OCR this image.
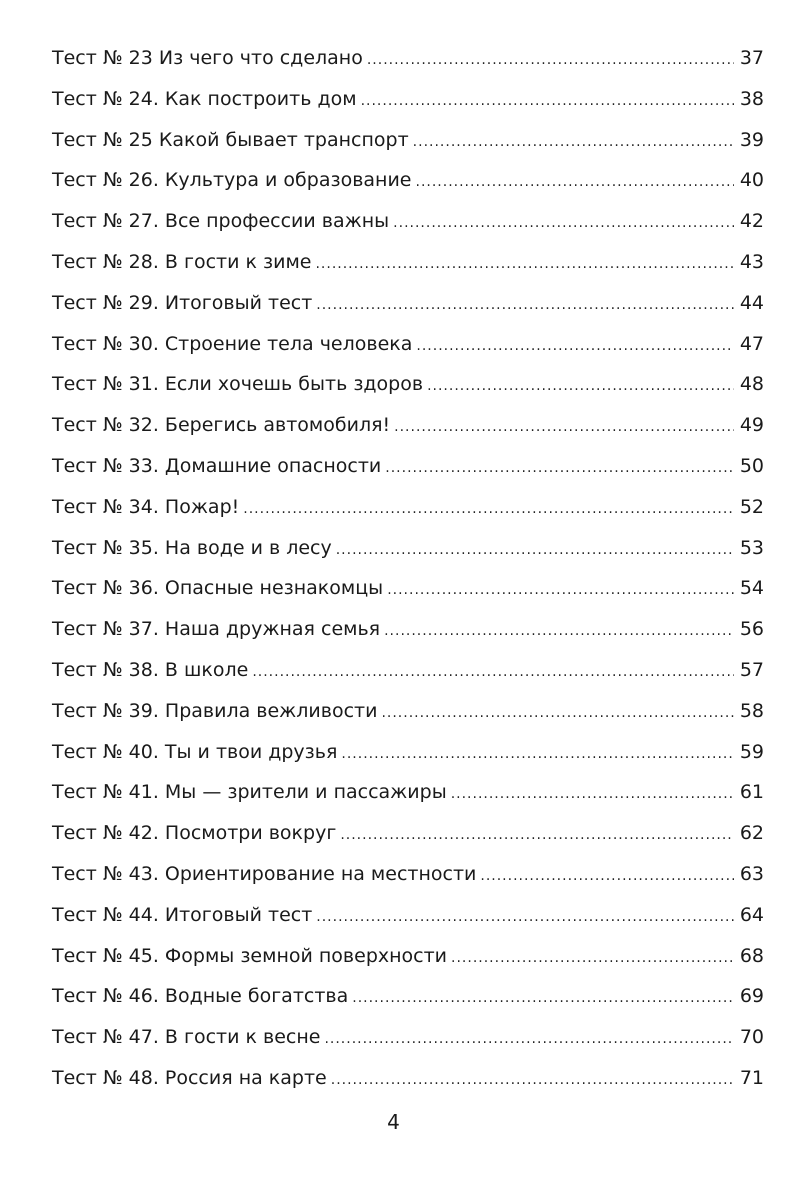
Тест № 23 Из чего что сделано .....	37
Тест № 24. Как построить дом .....	38
Тест № 25 Какой бывает транспорт .....	39
Тест № 26. Культура и образование .....	40
Тест № 27. Все профессии важны .....	42
Тест № 28. В гости к зиме .....	43
Тест № 29. Итоговый тест .....	44
Тест № 30. Строение тела человека .....	47
Тест № 31. Если хочешь быть здоров .....	48
Тест № 32. Берегись автомобиля! .....	49
Тест № 33. Домашние опасности .....	50
Тест № 34. Пожар! .....	52
Тест № 35. На воде и в лесу .....	53
Тест № 36. Опасные незнакомцы .....	54
Тест № 37. Наша дружная семья .....	56
Тест № 38. В школе .....	57
Тест № 39. Правила вежливости .....	58
Тест № 40. Ты и твои друзья .....	59
Тест № 41. Мы — зрители и пассажиры .....	61
Тест № 42. Посмотри вокруг .....	62
Тест № 43. Ориентирование на местности .....	63
Тест № 44. Итоговый тест .....	64
Тест № 45. Формы земной поверхности .....	68
Тест № 46. Водные богатства .....	69
Тест № 47. В гости к весне .....	70
Тест № 48. Россия на карте .....	71
4
